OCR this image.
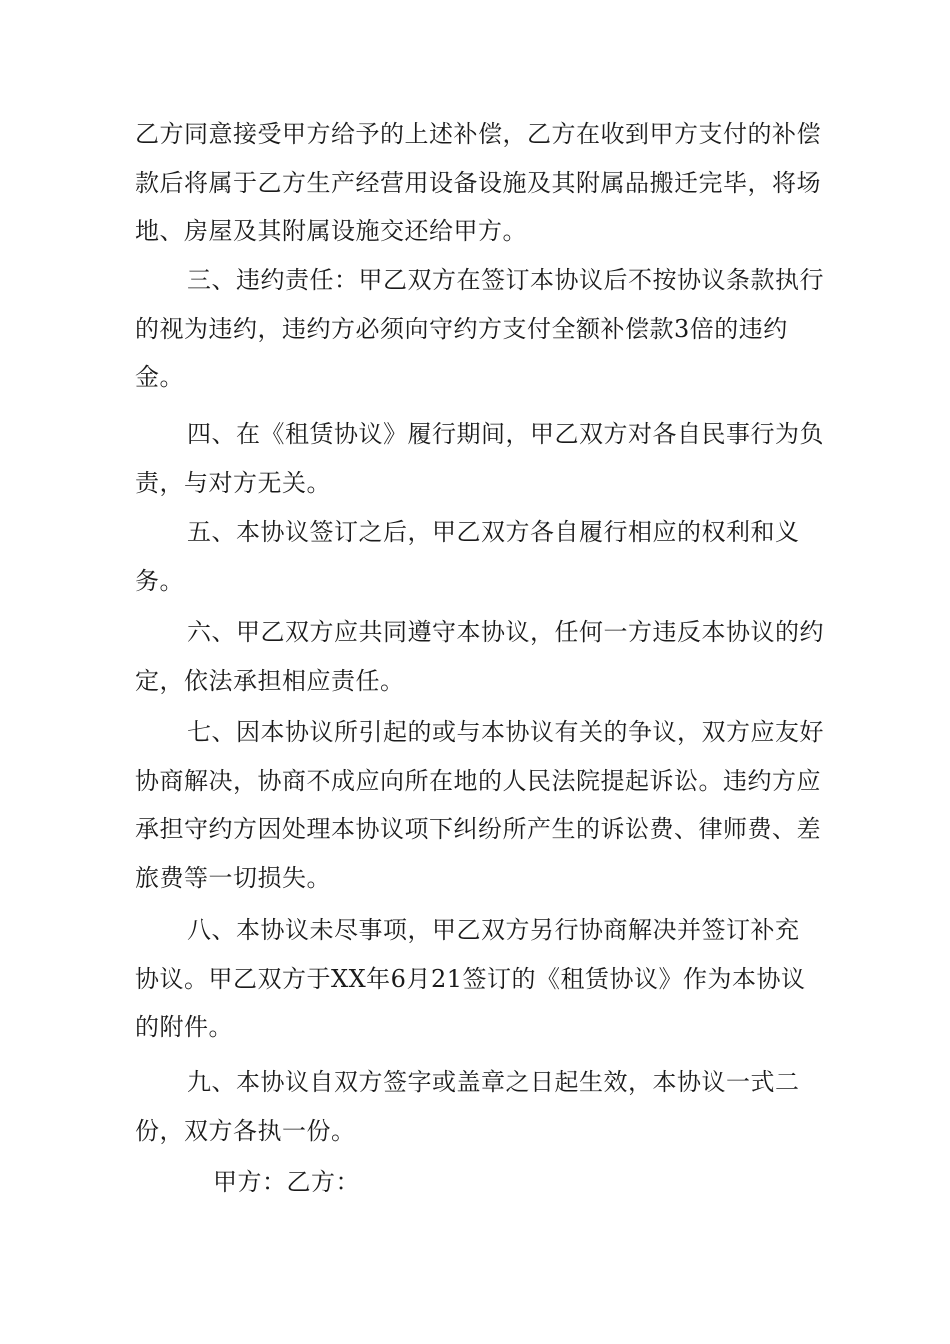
乙方同意接受甲方给予的上述补偿，乙方在收到甲方支付的补偿款后将属于乙方生产经营用设备设施及其附属品搬迁完毕，将场地、房屋及其附属设施交还给甲方。

三、违约责任：甲乙双方在签订本协议后不按协议条款执行的视为违约，违约方必须向守约方支付全额补偿款3倍的违约金。

四、在《租赁协议》履行期间，甲乙双方对各自民事行为负责，与对方无关。

五、本协议签订之后，甲乙双方各自履行相应的权利和义务。

六、甲乙双方应共同遵守本协议，任何一方违反本协议的约定，依法承担相应责任。

七、因本协议所引起的或与本协议有关的争议，双方应友好协商解决，协商不成应向所在地的人民法院提起诉讼。违约方应承担守约方因处理本协议项下纠纷所产生的诉讼费、律师费、差旅费等一切损失。

八、本协议未尽事项，甲乙双方另行协商解决并签订补充协议。甲乙双方于XX年6月21签订的《租赁协议》作为本协议的附件。

九、本协议自双方签字或盖章之日起生效，本协议一式二份，双方各执一份。

甲方：乙方：
